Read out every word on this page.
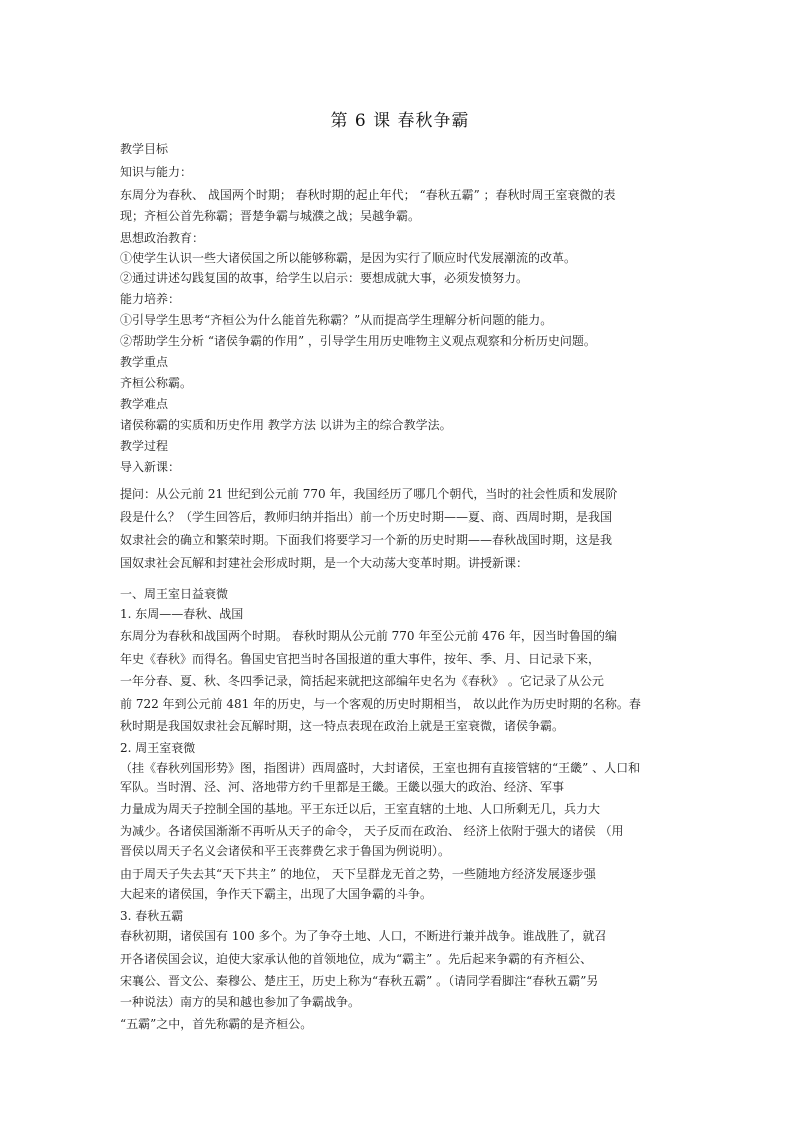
第 6 课 春秋争霸
教学目标
知识与能力：
东周分为春秋、 战国两个时期； 春秋时期的起止年代； “春秋五霸” ；春秋时周王室衰微的表
现；齐桓公首先称霸；晋楚争霸与城濮之战；吴越争霸。
思想政治教育：
①使学生认识一些大诸侯国之所以能够称霸，是因为实行了顺应时代发展潮流的改革。
②通过讲述勾践复国的故事，给学生以启示：要想成就大事，必须发愤努力。
能力培养：
①引导学生思考“齐桓公为什么能首先称霸？”从而提高学生理解分析问题的能力。
②帮助学生分析 “诸侯争霸的作用” ，引导学生用历史唯物主义观点观察和分析历史问题。
教学重点
齐桓公称霸。
教学难点
诸侯称霸的实质和历史作用 教学方法 以讲为主的综合教学法。
教学过程
导入新课：
提问：从公元前 21 世纪到公元前 770 年，我国经历了哪几个朝代，当时的社会性质和发展阶
段是什么？（学生回答后，教师归纳并指出）前一个历史时期——夏、商、西周时期，是我国
奴隶社会的确立和繁荣时期。下面我们将要学习一个新的历史时期——春秋战国时期，这是我
国奴隶社会瓦解和封建社会形成时期，是一个大动荡大变革时期。讲授新课：
一、周王室日益衰微
1. 东周——春秋、战国
东周分为春秋和战国两个时期。 春秋时期从公元前 770 年至公元前 476 年，因当时鲁国的编
年史《春秋》而得名。鲁国史官把当时各国报道的重大事件，按年、季、月、日记录下来，
一年分春、夏、秋、冬四季记录，简括起来就把这部编年史名为《春秋》 。它记录了从公元
前 722 年到公元前 481 年的历史，与一个客观的历史时期相当， 故以此作为历史时期的名称。春
秋时期是我国奴隶社会瓦解时期，这一特点表现在政治上就是王室衰微，诸侯争霸。
2. 周王室衰微
（挂《春秋列国形势》图，指图讲）西周盛时，大封诸侯，王室也拥有直接管辖的“王畿” 、人口和
军队。当时渭、泾、河、洛地带方约千里都是王畿。王畿以强大的政治、经济、军事
力量成为周天子控制全国的基地。平王东迁以后，王室直辖的土地、人口所剩无几，兵力大
为减少。各诸侯国渐渐不再听从天子的命令， 天子反而在政治、 经济上依附于强大的诸侯 （用
晋侯以周天子名义会诸侯和平王丧葬费乞求于鲁国为例说明）。
由于周天子失去其“天下共主” 的地位， 天下呈群龙无首之势，一些随地方经济发展逐步强
大起来的诸侯国，争作天下霸主，出现了大国争霸的斗争。
3. 春秋五霸
春秋初期，诸侯国有 100 多个。为了争夺土地、人口，不断进行兼并战争。谁战胜了，就召
开各诸侯国会议，迫使大家承认他的首领地位，成为“霸主” 。先后起来争霸的有齐桓公、
宋襄公、晋文公、秦穆公、楚庄王，历史上称为“春秋五霸” 。（请同学看脚注“春秋五霸”另
一种说法）南方的吴和越也参加了争霸战争。
“五霸”之中，首先称霸的是齐桓公。
